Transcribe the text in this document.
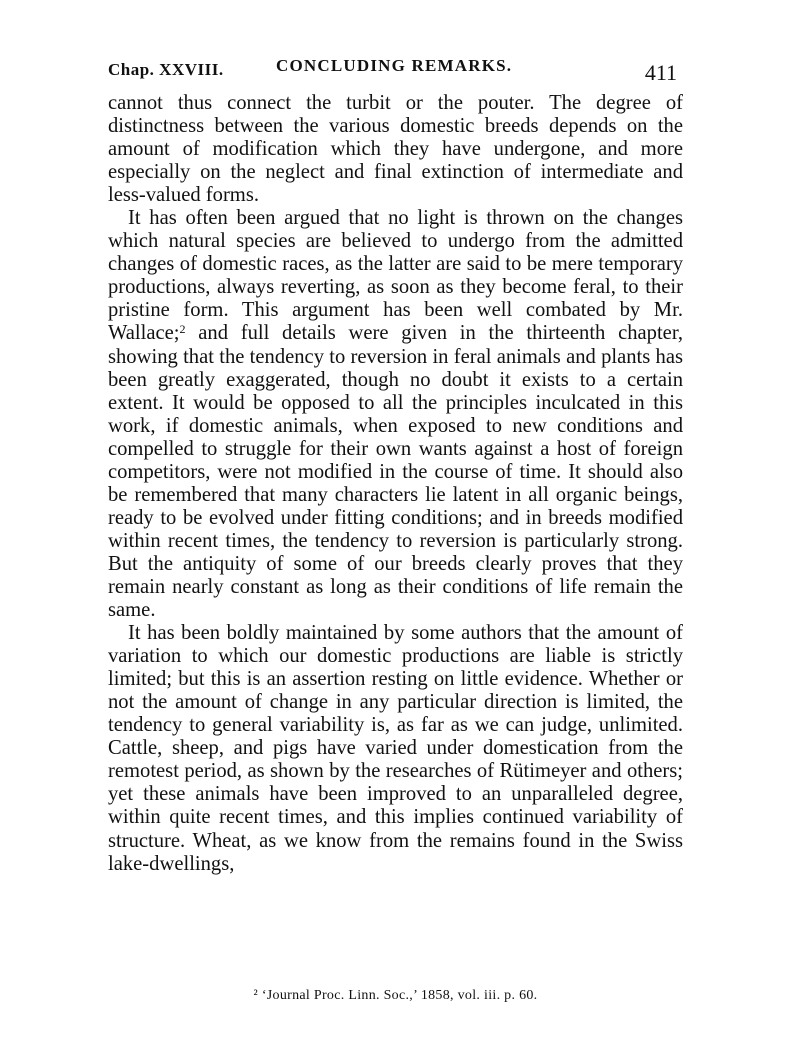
Chap. XXVIII.	CONCLUDING REMARKS.	411

cannot thus connect the turbit or the pouter. The degree of distinctness between the various domestic breeds depends on the amount of modification which they have undergone, and more especially on the neglect and final extinction of intermediate and less-valued forms.

It has often been argued that no light is thrown on the changes which natural species are believed to undergo from the admitted changes of domestic races, as the latter are said to be mere temporary productions, always reverting, as soon as they become feral, to their pristine form. This argument has been well combated by Mr. Wallace;$^2$ and full details were given in the thirteenth chapter, showing that the tendency to reversion in feral animals and plants has been greatly exaggerated, though no doubt it exists to a certain extent. It would be opposed to all the principles inculcated in this work, if domestic animals, when exposed to new conditions and compelled to struggle for their own wants against a host of foreign competitors, were not modified in the course of time. It should also be remembered that many characters lie latent in all organic beings, ready to be evolved under fitting conditions; and in breeds modified within recent times, the tendency to reversion is particularly strong. But the antiquity of some of our breeds clearly proves that they remain nearly constant as long as their conditions of life remain the same.

It has been boldly maintained by some authors that the amount of variation to which our domestic productions are liable is strictly limited; but this is an assertion resting on little evidence. Whether or not the amount of change in any particular direction is limited, the tendency to general variability is, as far as we can judge, unlimited. Cattle, sheep, and pigs have varied under domestication from the remotest period, as shown by the researches of Rütimeyer and others; yet these animals have been improved to an unparalleled degree, within quite recent times, and this implies continued variability of structure. Wheat, as we know from the remains found in the Swiss lake-dwellings,

² ‘Journal Proc. Linn. Soc.,’ 1858, vol. iii. p. 60.
